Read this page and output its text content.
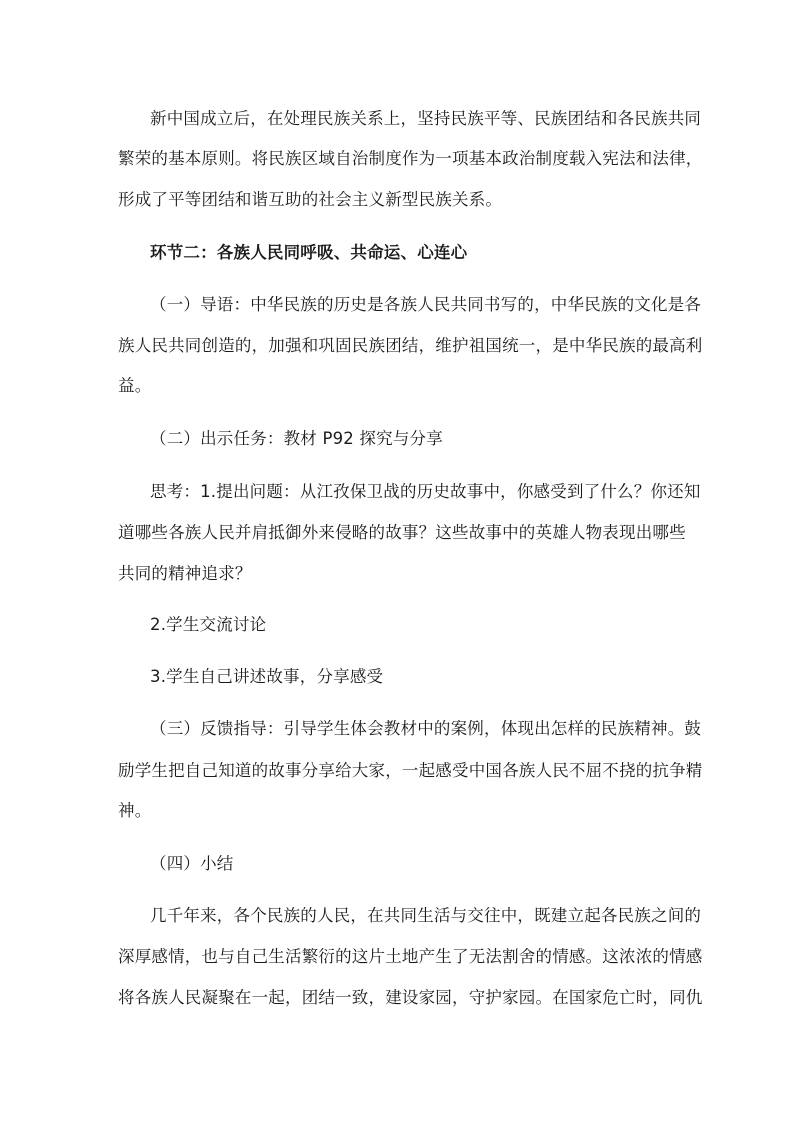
新中国成立后，在处理民族关系上，坚持民族平等、民族团结和各民族共同
繁荣的基本原则。将民族区域自治制度作为一项基本政治制度载入宪法和法律，
形成了平等团结和谐互助的社会主义新型民族关系。
环节二：各族人民同呼吸、共命运、心连心
（一）导语：中华民族的历史是各族人民共同书写的，中华民族的文化是各
族人民共同创造的，加强和巩固民族团结，维护祖国统一，是中华民族的最高利
益。
（二）出示任务：教材 P92 探究与分享
思考：1.提出问题：从江孜保卫战的历史故事中，你感受到了什么？你还知
道哪些各族人民并肩抵御外来侵略的故事？这些故事中的英雄人物表现出哪些
共同的精神追求？
2.学生交流讨论
3.学生自己讲述故事，分享感受
（三）反馈指导：引导学生体会教材中的案例，体现出怎样的民族精神。鼓
励学生把自己知道的故事分享给大家，一起感受中国各族人民不屈不挠的抗争精
神。
（四）小结
几千年来，各个民族的人民，在共同生活与交往中，既建立起各民族之间的
深厚感情，也与自己生活繁衍的这片土地产生了无法割舍的情感。这浓浓的情感
将各族人民凝聚在一起，团结一致，建设家园，守护家园。在国家危亡时，同仇
